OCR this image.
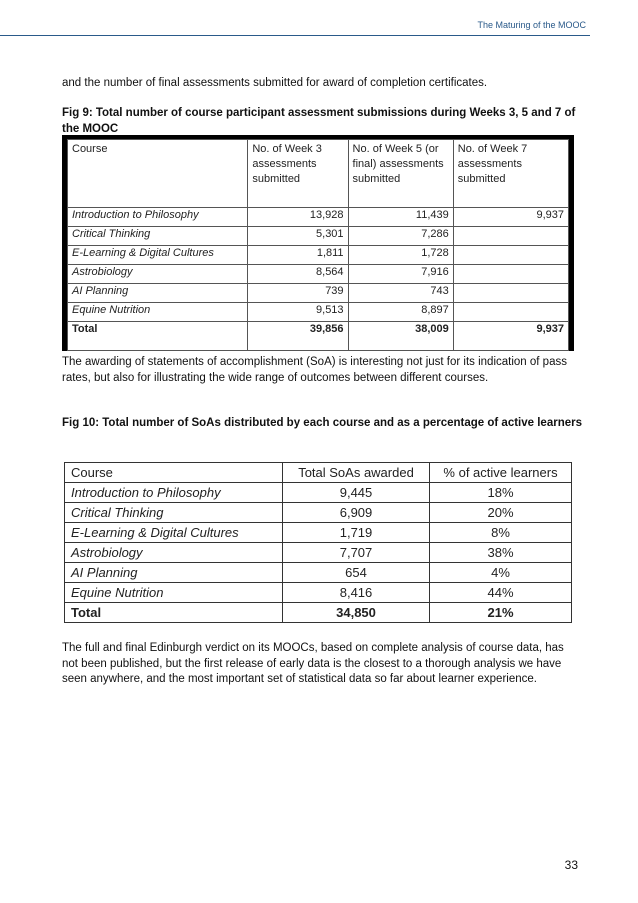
The Maturing of the MOOC

and the number of final assessments submitted for award of completion certificates.

Fig 9: Total number of course participant assessment submissions during Weeks 3, 5 and 7 of the MOOC

Course	No. of Week 3 assessments submitted	No. of Week 5 (or final) assessments submitted	No. of Week 7 assessments submitted
Introduction to Philosophy	13,928	11,439	9,937
Critical Thinking	5,301	7,286	
E-Learning & Digital Cultures	1,811	1,728	
Astrobiology	8,564	7,916	
AI Planning	739	743	
Equine Nutrition	9,513	8,897	
Total	39,856	38,009	9,937

The awarding of statements of accomplishment (SoA) is interesting not just for its indication of pass rates, but also for illustrating the wide range of outcomes between different courses.

Fig 10: Total number of SoAs distributed by each course and as a percentage of active learners

Course	Total SoAs awarded	% of active learners
Introduction to Philosophy	9,445	18%
Critical Thinking	6,909	20%
E-Learning & Digital Cultures	1,719	8%
Astrobiology	7,707	38%
AI Planning	654	4%
Equine Nutrition	8,416	44%
Total	34,850	21%

The full and final Edinburgh verdict on its MOOCs, based on complete analysis of course data, has not been published, but the first release of early data is the closest to a thorough analysis we have seen anywhere, and the most important set of statistical data so far about learner experience.

33
